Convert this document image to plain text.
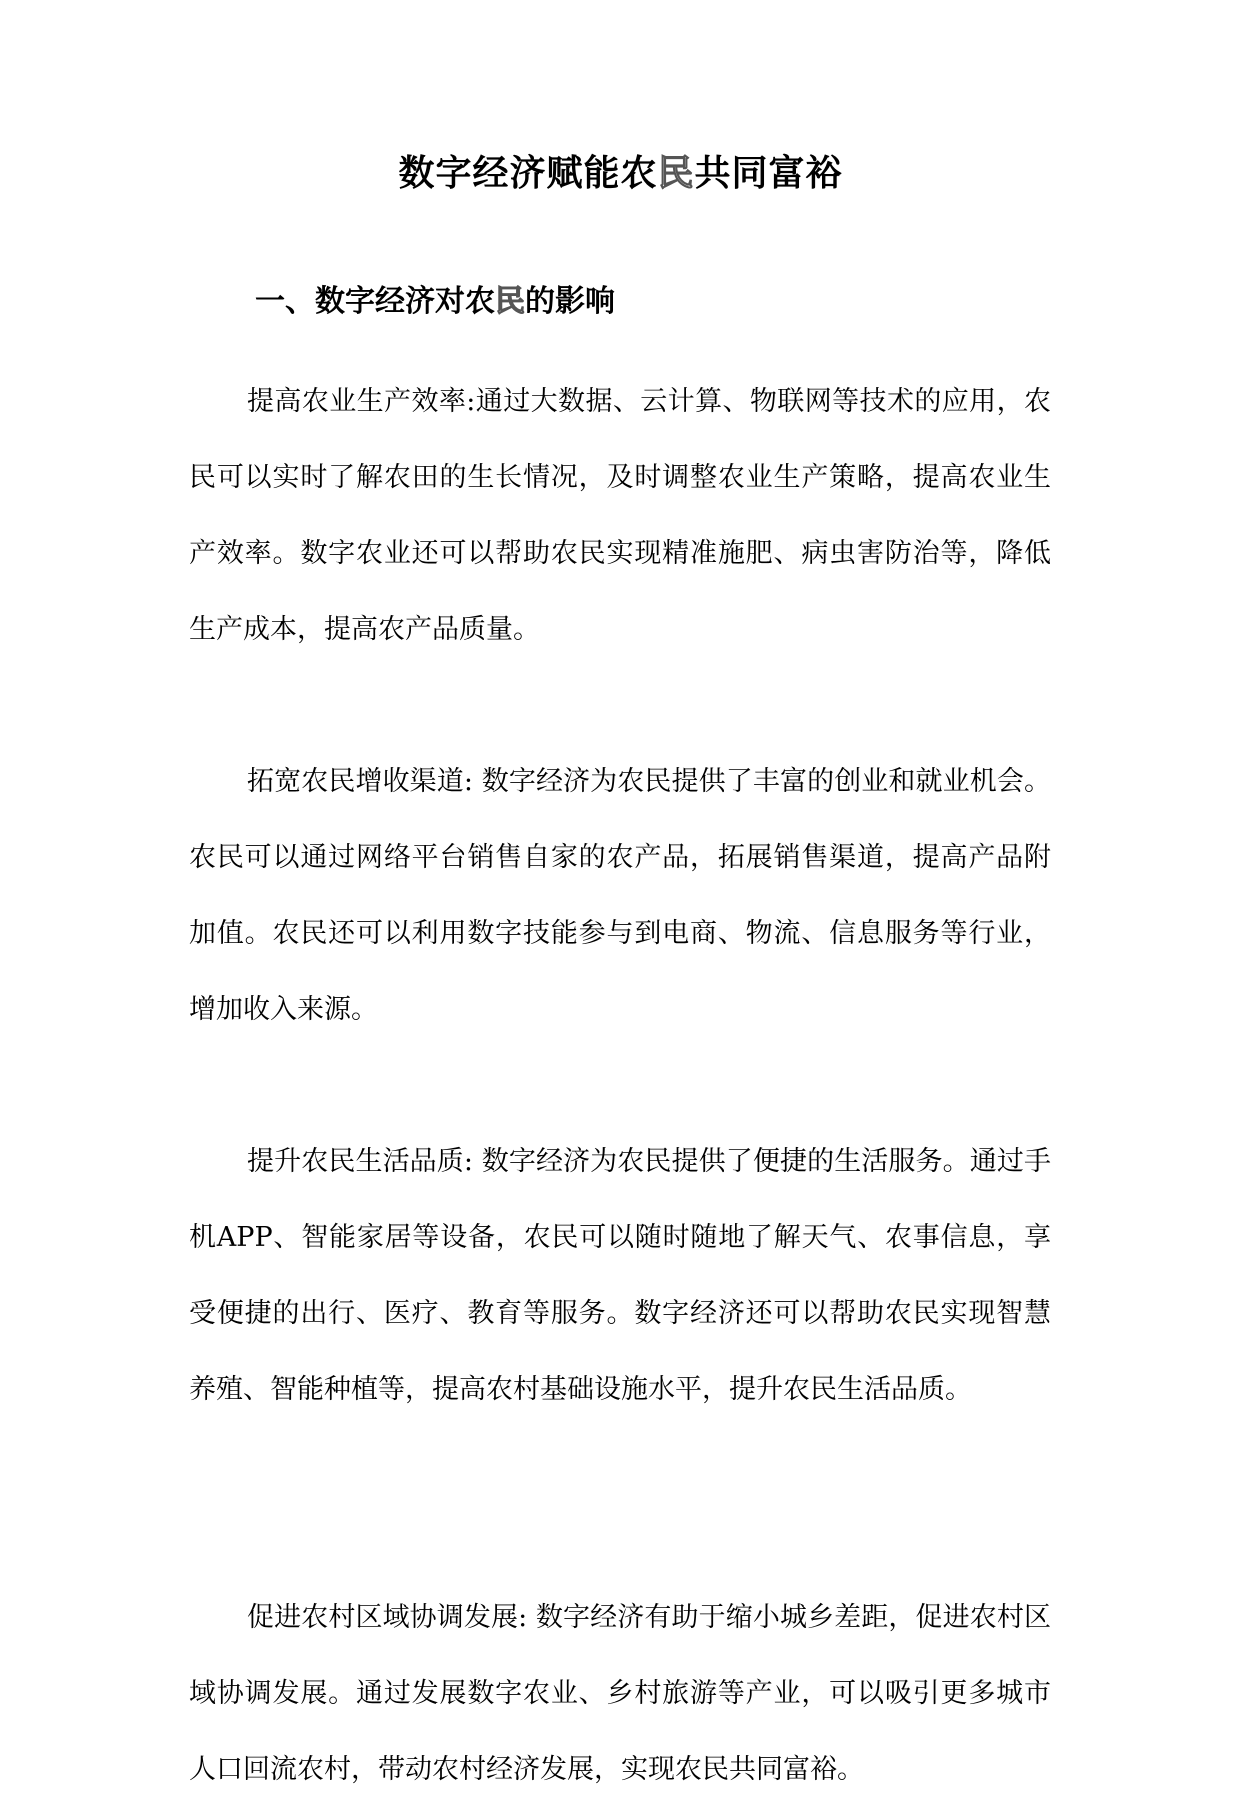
数字经济赋能农民共同富裕
一、数字经济对农民的影响

提高农业生产效率:通过大数据、云计算、物联网等技术的应用，农民可以实时了解农田的生长情况，及时调整农业生产策略，提高农业生产效率。数字农业还可以帮助农民实现精准施肥、病虫害防治等，降低生产成本，提高农产品质量。

拓宽农民增收渠道: 数字经济为农民提供了丰富的创业和就业机会。农民可以通过网络平台销售自家的农产品，拓展销售渠道，提高产品附加值。农民还可以利用数字技能参与到电商、物流、信息服务等行业，增加收入来源。

提升农民生活品质: 数字经济为农民提供了便捷的生活服务。通过手机APP、智能家居等设备，农民可以随时随地了解天气、农事信息，享受便捷的出行、医疗、教育等服务。数字经济还可以帮助农民实现智慧养殖、智能种植等，提高农村基础设施水平，提升农民生活品质。

促进农村区域协调发展: 数字经济有助于缩小城乡差距，促进农村区域协调发展。通过发展数字农业、乡村旅游等产业，可以吸引更多城市人口回流农村，带动农村经济发展，实现农民共同富裕。
